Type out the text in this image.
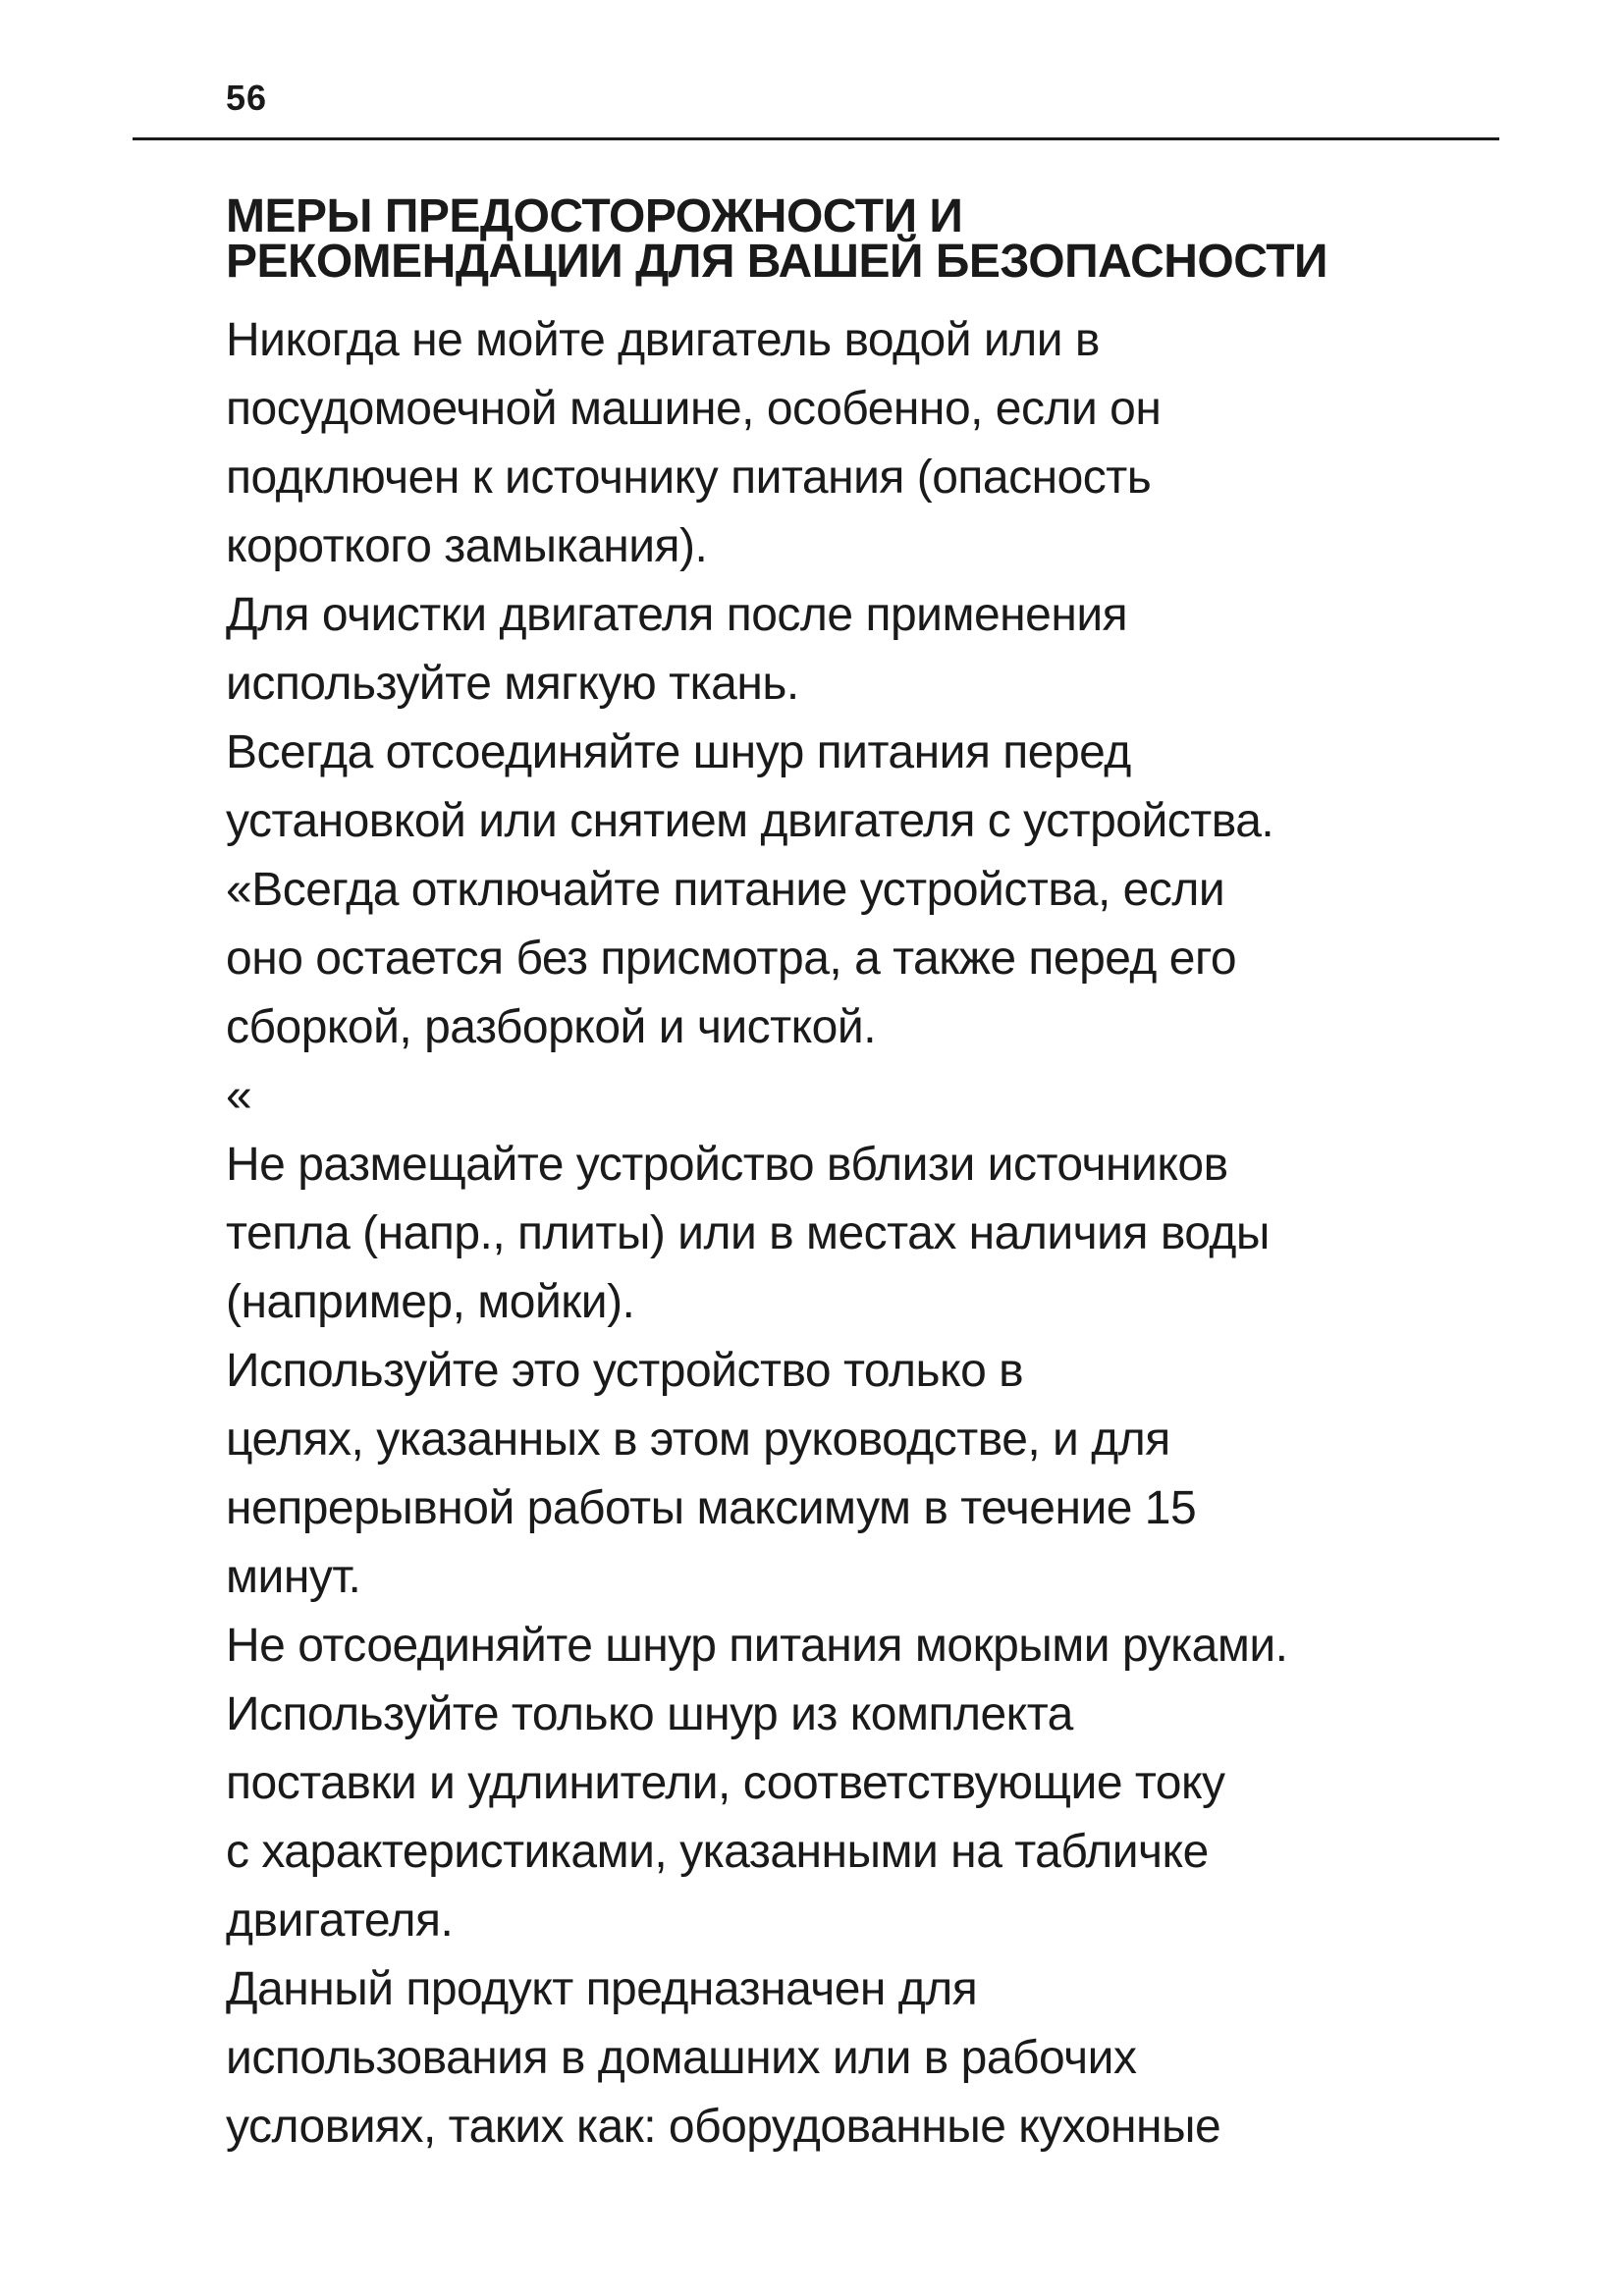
56
МЕРЫ ПРЕДОСТОРОЖНОСТИ И
РЕКОМЕНДАЦИИ ДЛЯ ВАШЕЙ БЕЗОПАСНОСТИ
Никогда не мойте двигатель водой или в
посудомоечной машине, особенно, если он
подключен к источнику питания (опасность
короткого замыкания).
Для очистки двигателя после применения
используйте мягкую ткань.
Всегда отсоединяйте шнур питания перед
установкой или снятием двигателя с устройства.
«Всегда отключайте питание устройства, если
оно остается без присмотра, а также перед его
сборкой, разборкой и чисткой.
«
Не размещайте устройство вблизи источников
тепла (напр., плиты) или в местах наличия воды
(например, мойки).
Используйте это устройство только в
целях, указанных в этом руководстве, и для
непрерывной работы максимум в течение 15
минут.
Не отсоединяйте шнур питания мокрыми руками.
Используйте только шнур из комплекта
поставки и удлинители, соответствующие току
с характеристиками, указанными на табличке
двигателя.
Данный продукт предназначен для
использования в домашних или в рабочих
условиях, таких как: оборудованные кухонные
